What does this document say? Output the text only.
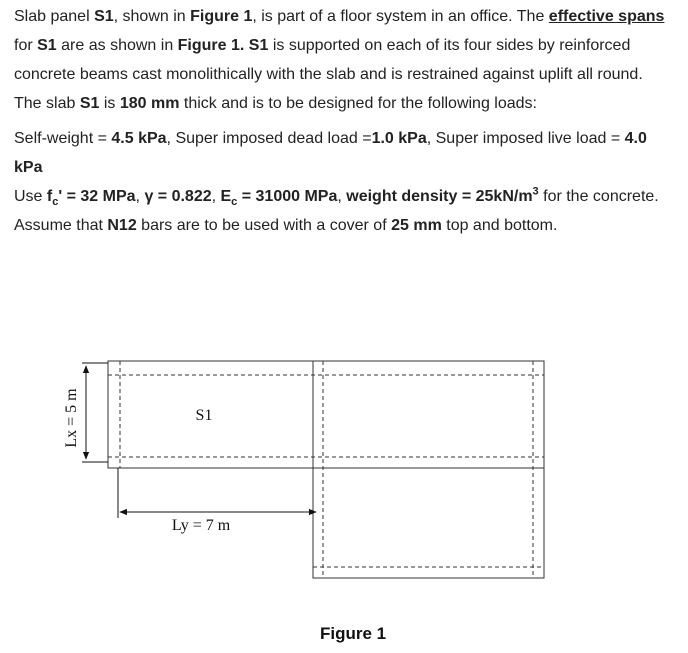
Slab panel S1, shown in Figure 1, is part of a floor system in an office. The effective spans for S1 are as shown in Figure 1. S1 is supported on each of its four sides by reinforced concrete beams cast monolithically with the slab and is restrained against uplift all round. The slab S1 is 180 mm thick and is to be designed for the following loads:

Self-weight = 4.5 kPa, Super imposed dead load =1.0 kPa, Super imposed live load = 4.0 kPa

Use $f_c' = 32$ MPa, γ = 0.822, $E_c = 31000$ MPa, weight density = $25kN/m^3$ for the concrete. Assume that N12 bars are to be used with a cover of 25 mm top and bottom.

Lx = 5 m
Ly = 7 m
S1
Figure 1
